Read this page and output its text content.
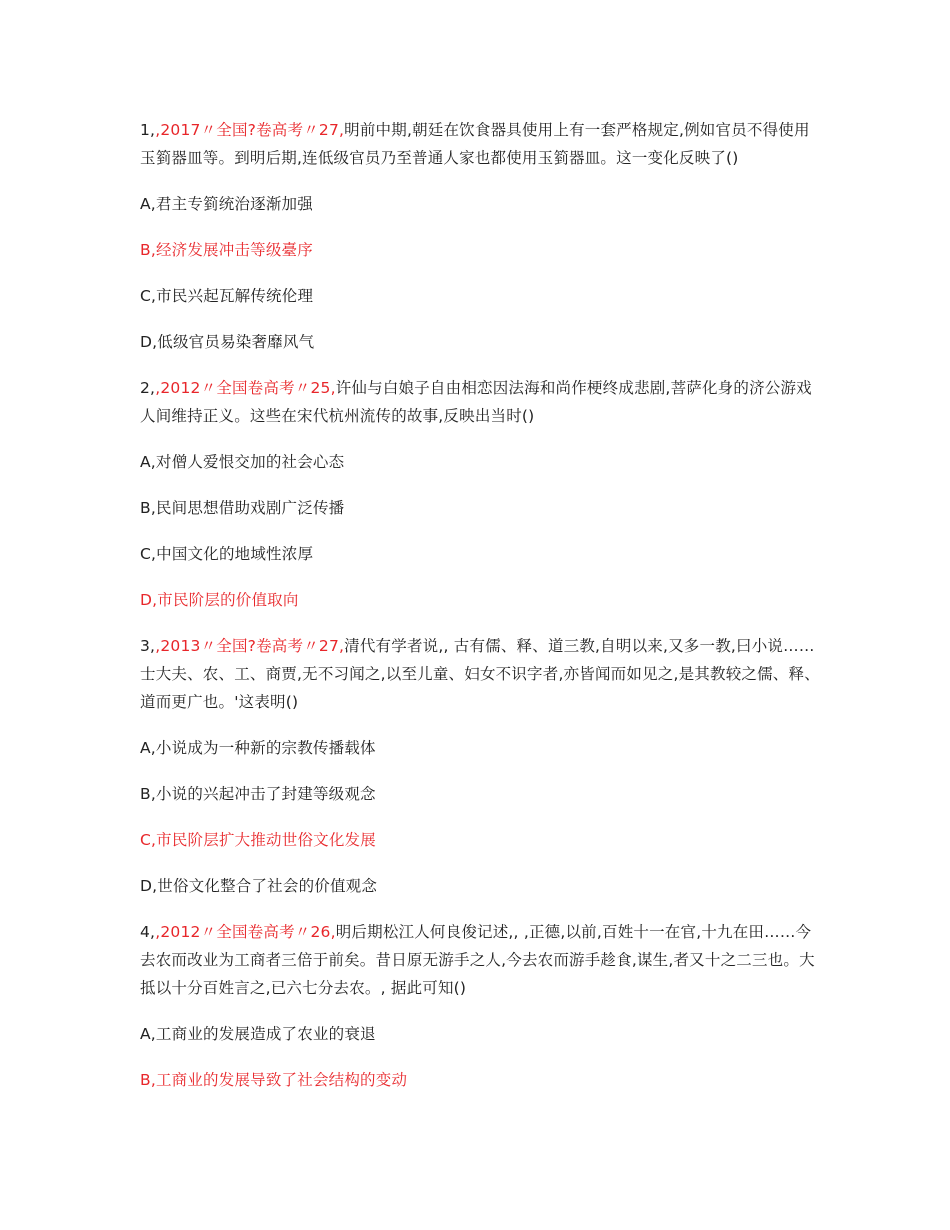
1,,2017〃全国?卷高考〃27,明前中期,朝廷在饮食器具使用上有一套严格规定,例如官员不得使用玉箌器皿等。到明后期,连低级官员乃至普通人家也都使用玉箌器皿。这一变化反映了()

A,君主专箌统治逐渐加强

B,经济发展冲击等级臺序

C,市民兴起瓦解传统伦理

D,低级官员易染奢靡风气

2,,2012〃全国卷高考〃25,许仙与白娘子自由相恋因法海和尚作梗终成悲剧,菩萨化身的济公游戏人间维持正义。这些在宋代杭州流传的故事,反映出当时()

A,对僧人爱恨交加的社会心态

B,民间思想借助戏剧广泛传播

C,中国文化的地域性浓厚

D,市民阶层的价值取向

3,,2013〃全国?卷高考〃27,清代有学者说,, 古有儒、释、道三教,自明以来,又多一教,曰小说……士大夫、农、工、商贾,无不习闻之,以至儿童、妇女不识字者,亦皆闻而如见之,是其教较之儒、释、道而更广也。'这表明()

A,小说成为一种新的宗教传播载体

B,小说的兴起冲击了封建等级观念

C,市民阶层扩大推动世俗文化发展

D,世俗文化整合了社会的价值观念

4,,2012〃全国卷高考〃26,明后期松江人何良俊记述,, ,正德,以前,百姓十一在官,十九在田……今去农而改业为工商者三倍于前矣。昔日原无游手之人,今去农而游手趁食,谋生,者又十之二三也。大抵以十分百姓言之,已六七分去农。, 据此可知()

A,工商业的发展造成了农业的衰退

B,工商业的发展导致了社会结构的变动
